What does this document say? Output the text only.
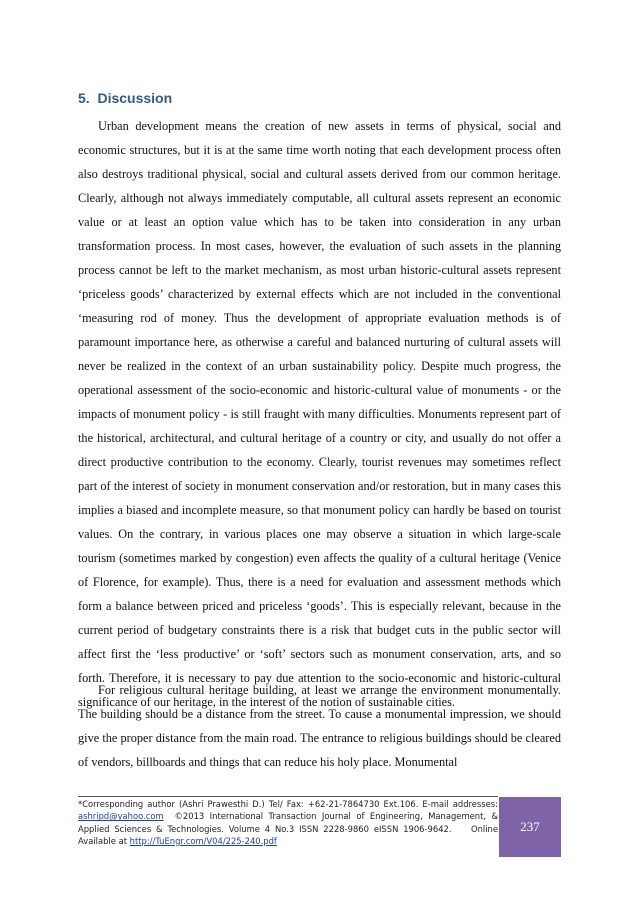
5.  Discussion

Urban development means the creation of new assets in terms of physical, social and economic structures, but it is at the same time worth noting that each development process often also destroys traditional physical, social and cultural assets derived from our common heritage. Clearly, although not always immediately computable, all cultural assets represent an economic value or at least an option value which has to be taken into consideration in any urban transformation process. In most cases, however, the evaluation of such assets in the planning process cannot be left to the market mechanism, as most urban historic-cultural assets represent ‘priceless goods’ characterized by external effects which are not included in the conventional ‘measuring rod of money. Thus the development of appropriate evaluation methods is of paramount importance here, as otherwise a careful and balanced nurturing of cultural assets will never be realized in the context of an urban sustainability policy. Despite much progress, the operational assessment of the socio-economic and historic-cultural value of monuments - or the impacts of monument policy - is still fraught with many difficulties. Monuments represent part of the historical, architectural, and cultural heritage of a country or city, and usually do not offer a direct productive contribution to the economy. Clearly, tourist revenues may sometimes reflect part of the interest of society in monument conservation and/or restoration, but in many cases this implies a biased and incomplete measure, so that monument policy can hardly be based on tourist values. On the contrary, in various places one may observe a situation in which large-scale tourism (sometimes marked by congestion) even affects the quality of a cultural heritage (Venice of Florence, for example). Thus, there is a need for evaluation and assessment methods which form a balance between priced and priceless ‘goods’. This is especially relevant, because in the current period of budgetary constraints there is a risk that budget cuts in the public sector will affect first the ‘less productive’ or ‘soft’ sectors such as monument conservation, arts, and so forth. Therefore, it is necessary to pay due attention to the socio-economic and historic-cultural significance of our heritage, in the interest of the notion of sustainable cities.

For religious cultural heritage building, at least we arrange the environment monumentally. The building should be a distance from the street. To cause a monumental impression, we should give the proper distance from the main road. The entrance to religious buildings should be cleared of vendors, billboards and things that can reduce his holy place. Monumental

*Corresponding author (Ashri Prawesthi D.) Tel/ Fax: +62-21-7864730 Ext.106. E-mail addresses: ashripd@yahoo.com ©2013 International Transaction Journal of Engineering, Management, & Applied Sciences & Technologies. Volume 4 No.3 ISSN 2228-9860 eISSN 1906-9642. Online Available at http://TuEngr.com/V04/225-240.pdf

237
